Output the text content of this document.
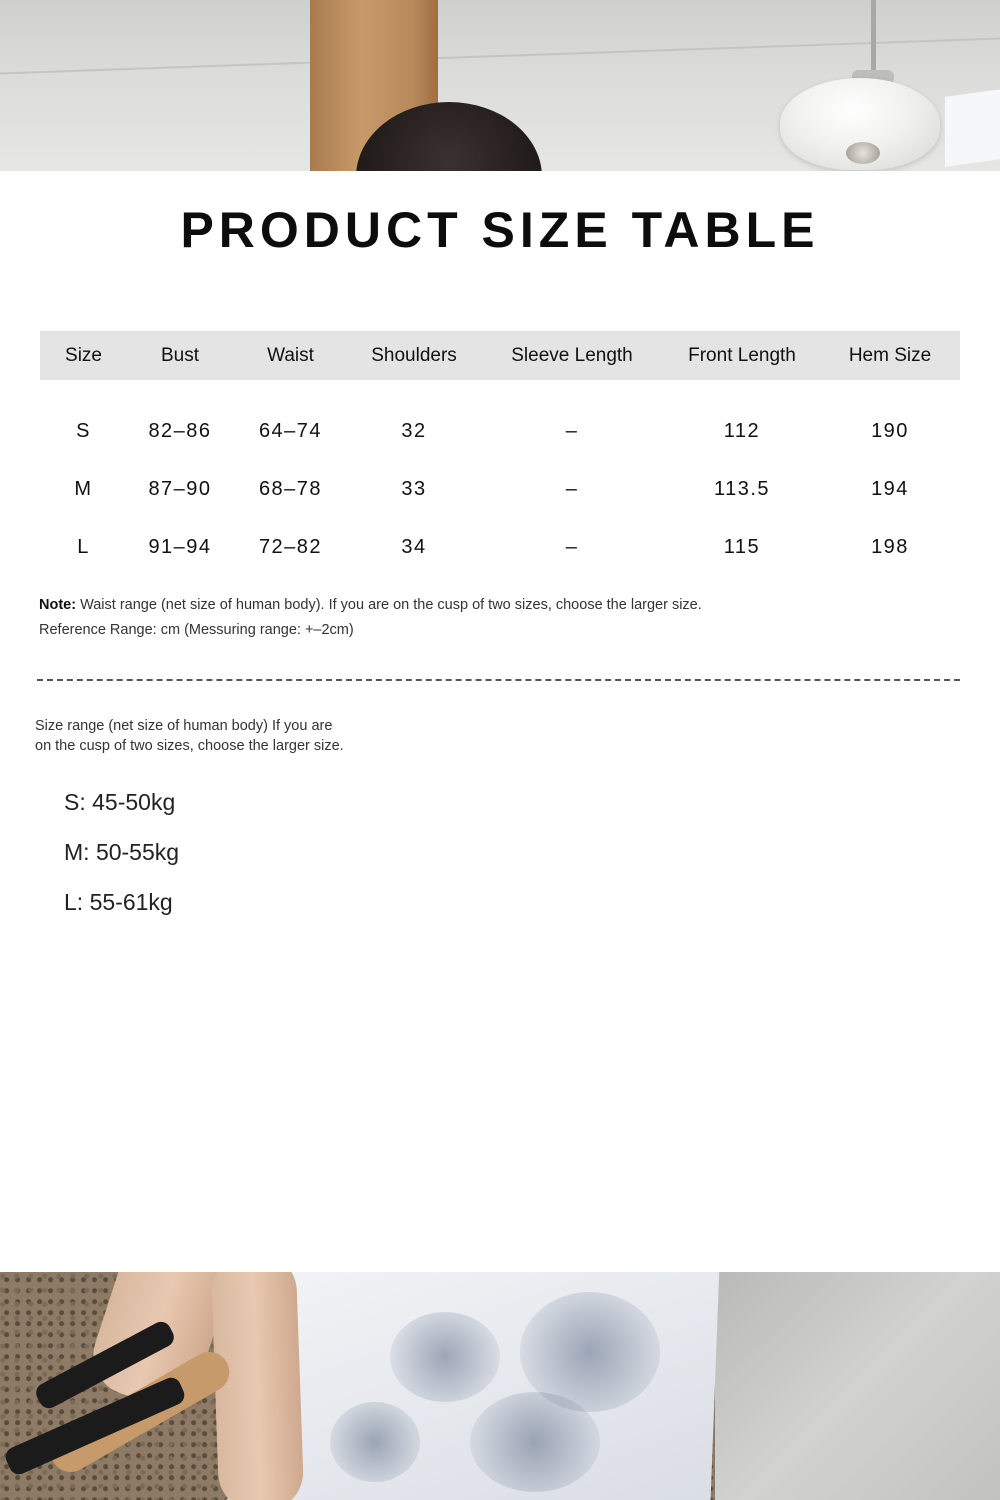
PRODUCT SIZE TABLE
Size	Bust	Waist	Shoulders	Sleeve Length	Front Length	Hem Size

S	82–86	64–74	32	–	112	190
M	87–90	68–78	33	–	113.5	194
L	91–94	72–82	34	–	115	198
Note: Waist range (net size of human body). If you are on the cusp of two sizes, choose the larger size.
Reference Range: cm (Messuring range: +–2cm)
Size range (net size of human body) If you are
on the cusp of two sizes, choose the larger size.
S: 45-50kg
M: 50-55kg
L: 55-61kg
